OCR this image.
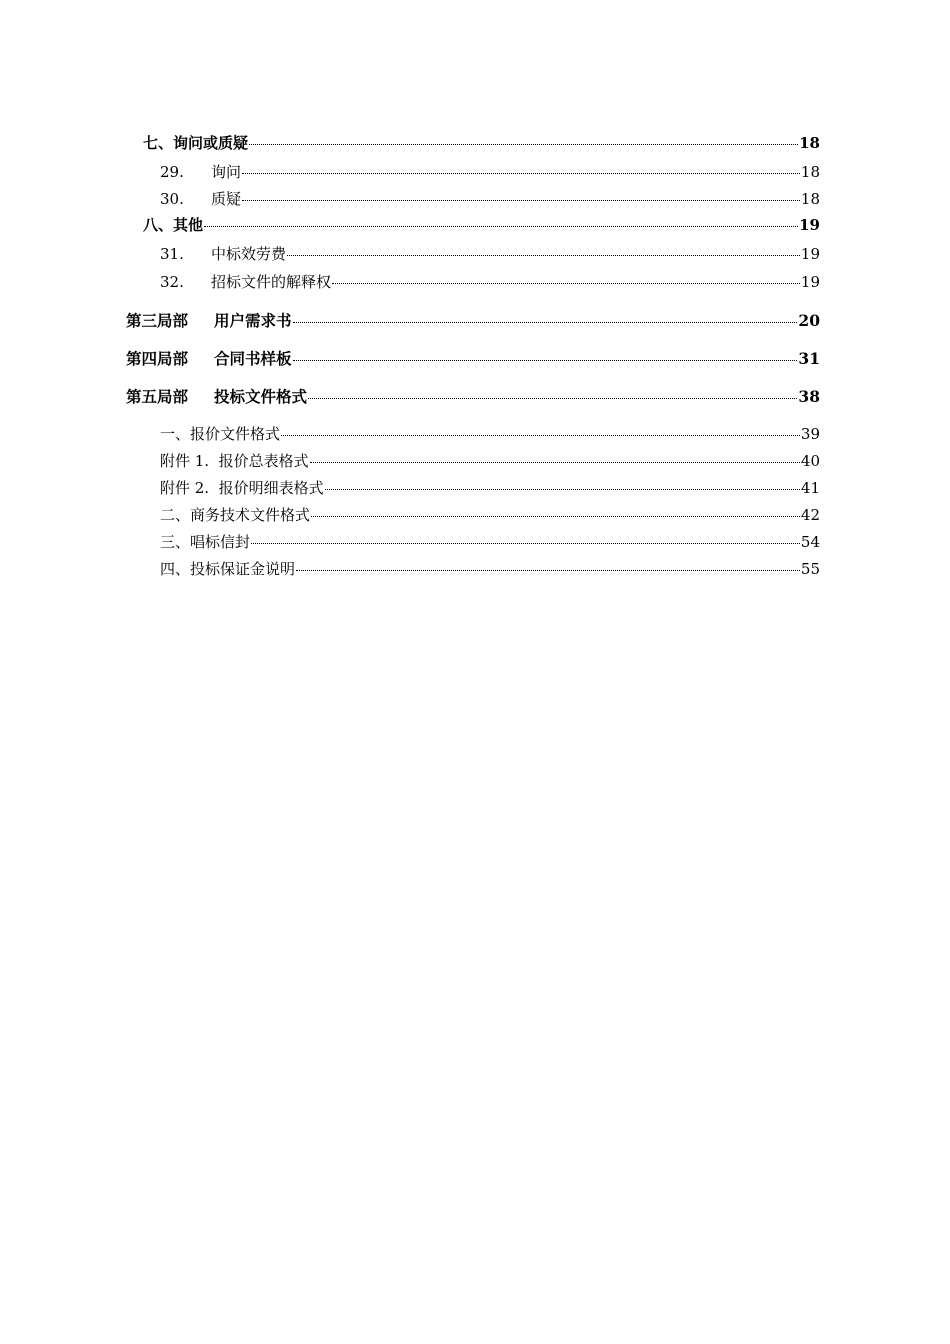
七、询问或质疑	18
29.	询问	18
30.	质疑	18
八、其他	19
31.	中标效劳费	19
32.	招标文件的解释权	19
第三局部	用户需求书	20
第四局部	合同书样板	31
第五局部	投标文件格式	38
一、报价文件格式	39
附件 1.  报价总表格式	40
附件 2.  报价明细表格式	41
二、商务技术文件格式	42
三、唱标信封	54
四、投标保证金说明	55
